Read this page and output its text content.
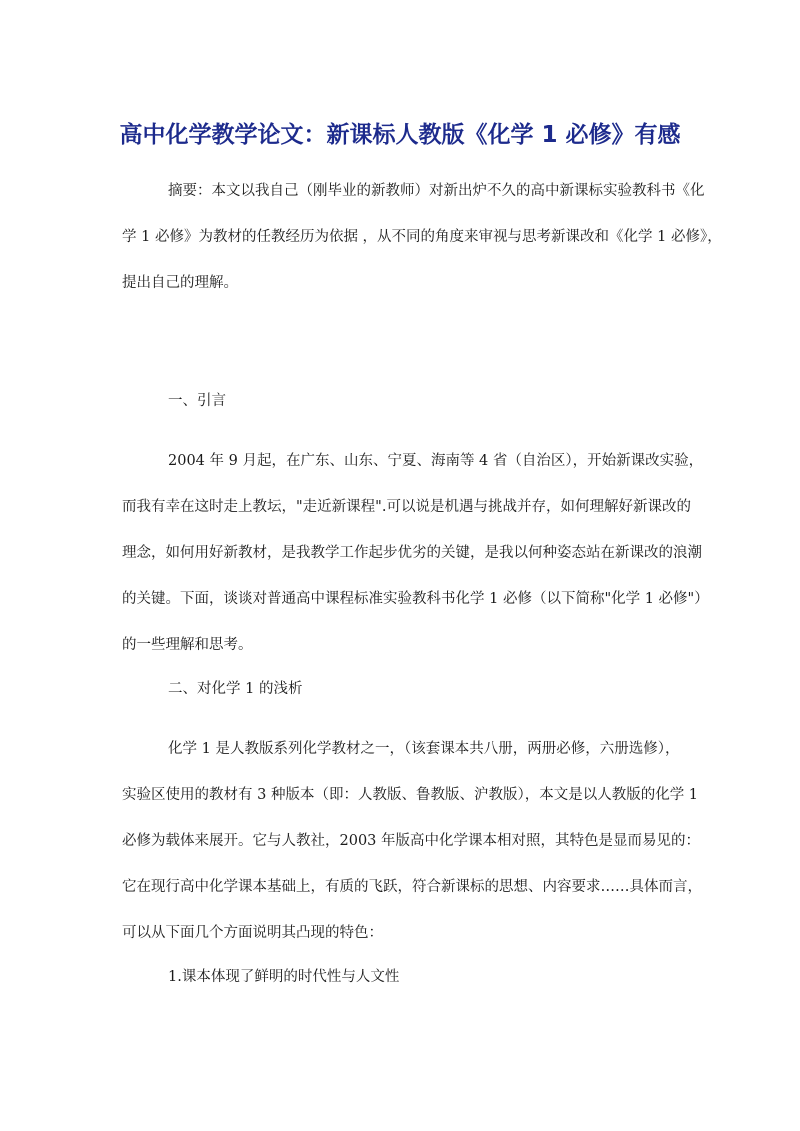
高中化学教学论文：新课标人教版《化学 1 必修》有感
摘要：本文以我自己（刚毕业的新教师）对新出炉不久的高中新课标实验教科书《化
学 1 必修》为教材的任教经历为依据 ，从不同的角度来审视与思考新课改和《化学 1 必修》，
提出自己的理解。

一、引言

2004 年 9 月起，在广东、山东、宁夏、海南等 4 省（自治区），开始新课改实验，
而我有幸在这时走上教坛，"走近新课程".可以说是机遇与挑战并存，如何理解好新课改的
理念，如何用好新教材，是我教学工作起步优劣的关键，是我以何种姿态站在新课改的浪潮
的关键。下面，谈谈对普通高中课程标准实验教科书化学 1 必修（以下简称"化学 1 必修"）
的一些理解和思考。

二、对化学 1 的浅析

化学 1 是人教版系列化学教材之一，（该套课本共八册，两册必修，六册选修），
实验区使用的教材有 3 种版本（即：人教版、鲁教版、沪教版），本文是以人教版的化学 1
必修为载体来展开。它与人教社，2003 年版高中化学课本相对照，其特色是显而易见的：
它在现行高中化学课本基础上，有质的飞跃，符合新课标的思想、内容要求……具体而言，
可以从下面几个方面说明其凸现的特色：

1.课本体现了鲜明的时代性与人文性
